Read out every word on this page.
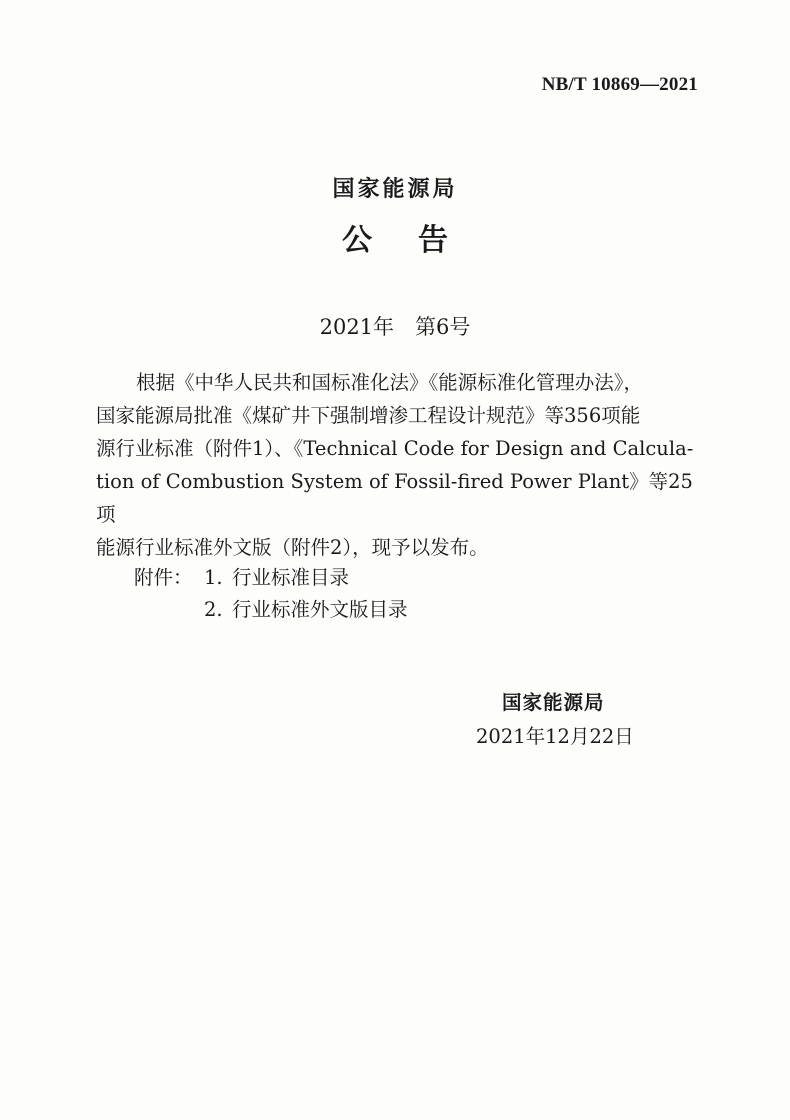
NB/T 10869—2021
国家能源局
公告
2021年　第6号

根据《中华人民共和国标准化法》《能源标准化管理办法》，

国家能源局批准《煤矿井下强制增渗工程设计规范》等356项能

源行业标准（附件1）、《Technical Code for Design and Calcula-

tion of Combustion System of Fossil-fired Power Plant》等25项

能源行业标准外文版（附件2），现予以发布。

附件： 1. 行业标准目录
2. 行业标准外文版目录
国家能源局
2021年12月22日
